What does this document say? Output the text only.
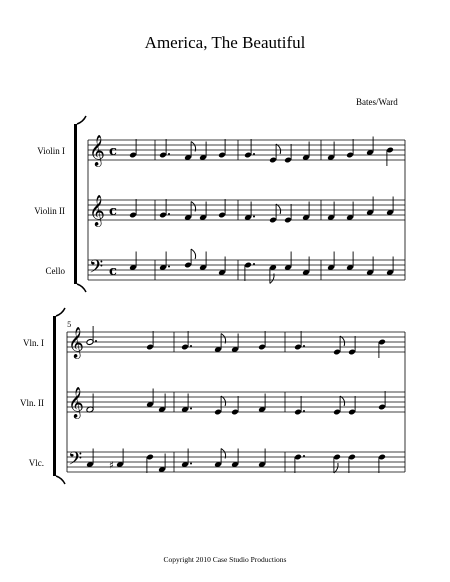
America, The Beautiful
Bates/Ward
Violin I
Violin II
Cello
Vln. I
Vln. II
Vlc.
𝄞
𝄞
𝄢
c
c
c
5
𝄞
𝄞
𝄢	♯
Copyright 2010 Case Studio Productions
